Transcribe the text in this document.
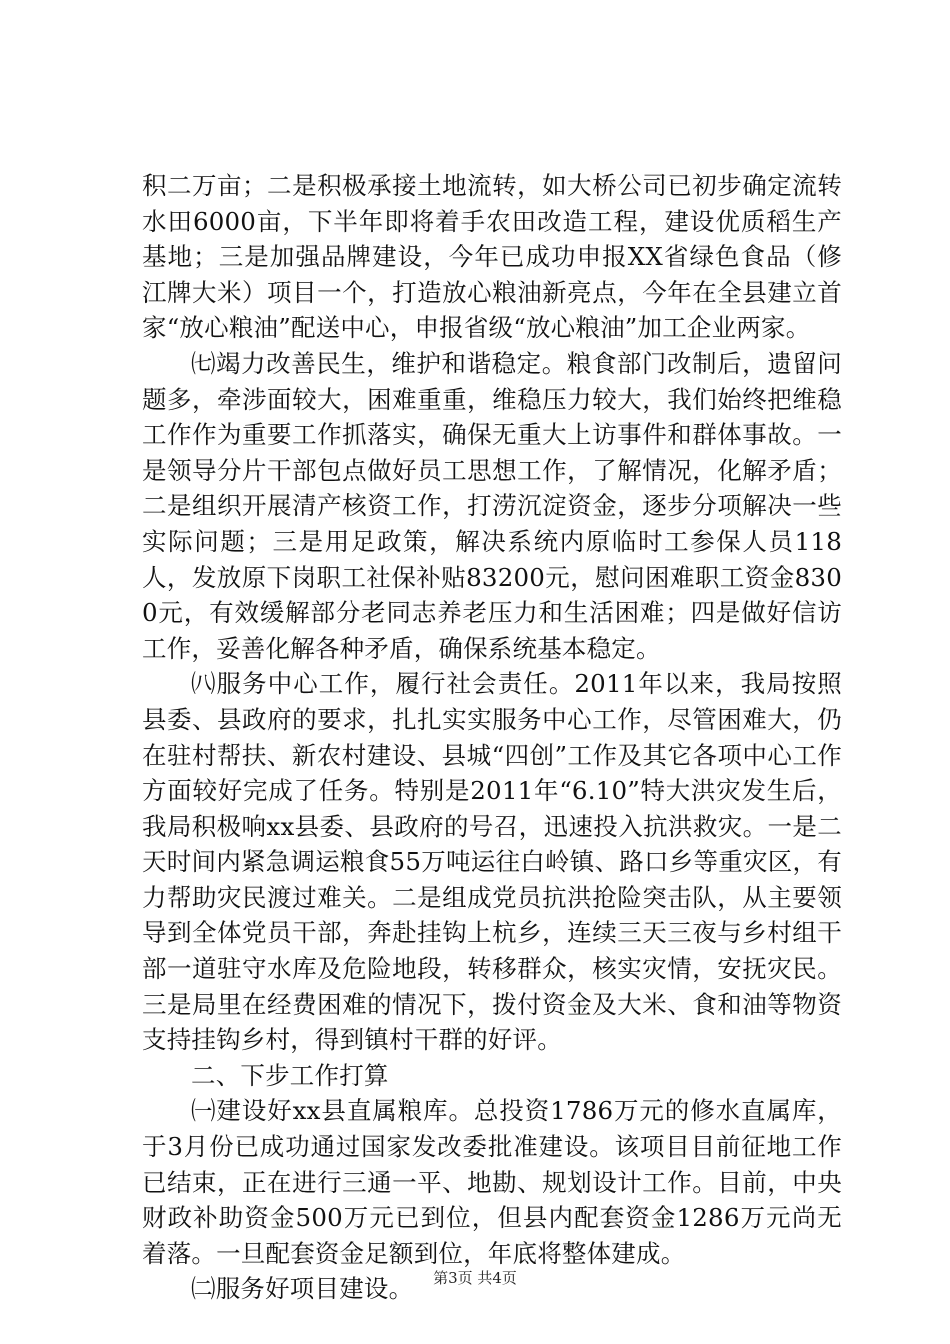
积二万亩；二是积极承接土地流转，如大桥公司已初步确定流转水田6000亩，下半年即将着手农田改造工程，建设优质稻生产基地；三是加强品牌建设，今年已成功申报XX省绿色食品（修江牌大米）项目一个，打造放心粮油新亮点，今年在全县建立首家“放心粮油”配送中心，申报省级“放心粮油”加工企业两家。

㈦竭力改善民生，维护和谐稳定。粮食部门改制后，遗留问题多，牵涉面较大，困难重重，维稳压力较大，我们始终把维稳工作作为重要工作抓落实，确保无重大上访事件和群体事故。一是领导分片干部包点做好员工思想工作，了解情况，化解矛盾；二是组织开展清产核资工作，打涝沉淀资金，逐步分项解决一些实际问题；三是用足政策，解决系统内原临时工参保人员118人，发放原下岗职工社保补贴83200元，慰问困难职工资金8300元，有效缓解部分老同志养老压力和生活困难；四是做好信访工作，妥善化解各种矛盾，确保系统基本稳定。

㈧服务中心工作，履行社会责任。2011年以来，我局按照县委、县政府的要求，扎扎实实服务中心工作，尽管困难大，仍在驻村帮扶、新农村建设、县城“四创”工作及其它各项中心工作方面较好完成了任务。特别是2011年“6.10”特大洪灾发生后，我局积极响xx县委、县政府的号召，迅速投入抗洪救灾。一是二天时间内紧急调运粮食55万吨运往白岭镇、路口乡等重灾区，有力帮助灾民渡过难关。二是组成党员抗洪抢险突击队，从主要领导到全体党员干部，奔赴挂钩上杭乡，连续三天三夜与乡村组干部一道驻守水库及危险地段，转移群众，核实灾情，安抚灾民。三是局里在经费困难的情况下，拨付资金及大米、食和油等物资支持挂钩乡村，得到镇村干群的好评。

二、下步工作打算

㈠建设好xx县直属粮库。总投资1786万元的修水直属库，于3月份已成功通过国家发改委批准建设。该项目目前征地工作已结束，正在进行三通一平、地勘、规划设计工作。目前，中央财政补助资金500万元已到位，但县内配套资金1286万元尚无着落。一旦配套资金足额到位，年底将整体建成。

㈡服务好项目建设。	第3页 共4页
